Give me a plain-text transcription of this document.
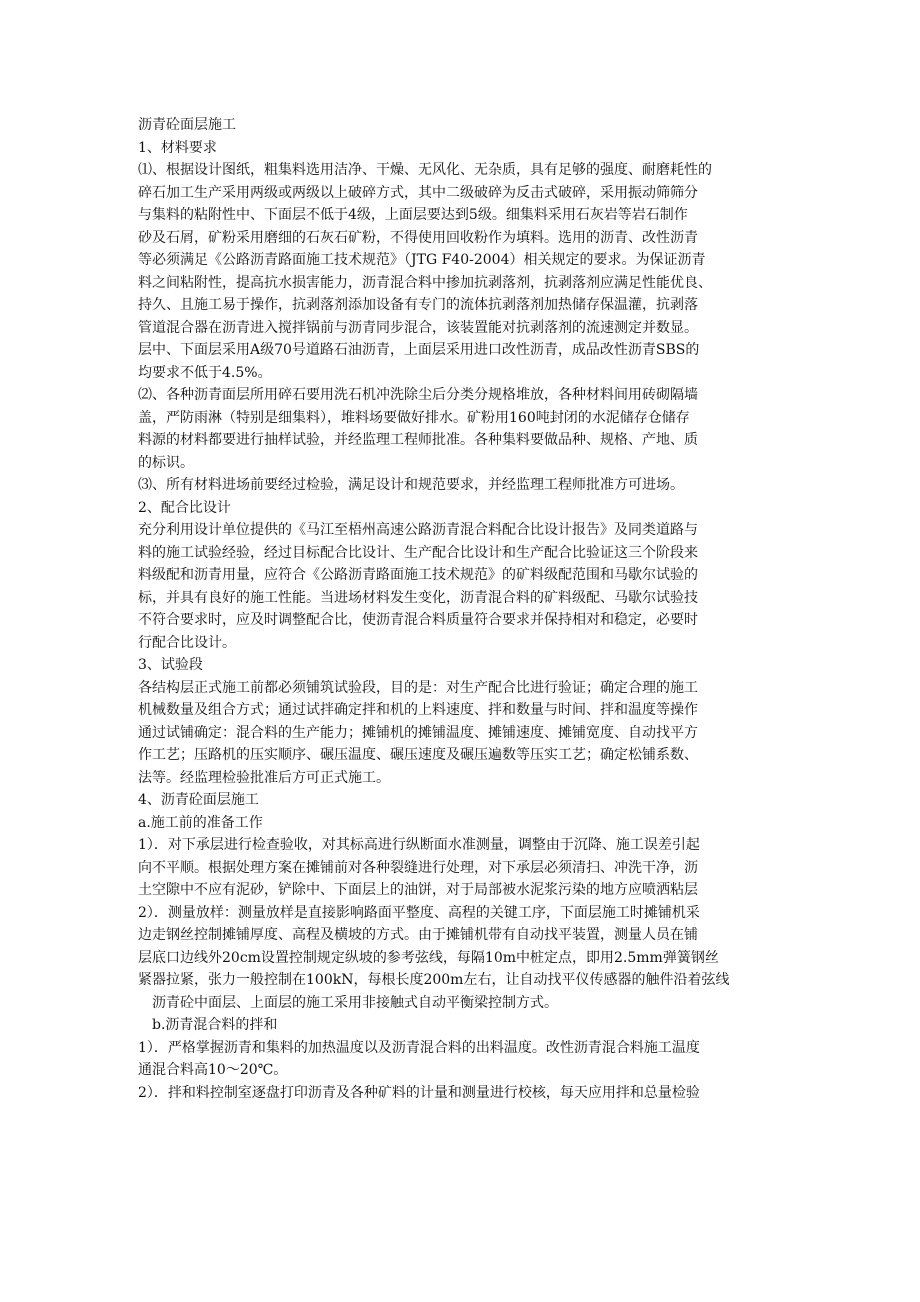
沥青砼面层施工
1、材料要求
⑴、根据设计图纸，粗集料选用洁净、干燥、无风化、无杂质，具有足够的强度、耐磨耗性的
碎石加工生产采用两级或两级以上破碎方式，其中二级破碎为反击式破碎，采用振动筛筛分
与集料的粘附性中、下面层不低于4级，上面层要达到5级。细集料采用石灰岩等岩石制作
砂及石屑，矿粉采用磨细的石灰石矿粉，不得使用回收粉作为填料。选用的沥青、改性沥青
等必须满足《公路沥青路面施工技术规范》（JTG F40-2004）相关规定的要求。为保证沥青
料之间粘附性，提高抗水损害能力，沥青混合料中掺加抗剥落剂，抗剥落剂应满足性能优良、
持久、且施工易于操作，抗剥落剂添加设备有专门的流体抗剥落剂加热储存保温灌，抗剥落
管道混合器在沥青进入搅拌锅前与沥青同步混合，该装置能对抗剥落剂的流速测定并数显。
层中、下面层采用A级70号道路石油沥青，上面层采用进口改性沥青，成品改性沥青SBS的
均要求不低于4.5%。
⑵、各种沥青面层所用碎石要用洗石机冲洗除尘后分类分规格堆放，各种材料间用砖砌隔墙
盖，严防雨淋（特别是细集料），堆料场要做好排水。矿粉用160吨封闭的水泥储存仓储存
料源的材料都要进行抽样试验，并经监理工程师批准。各种集料要做品种、规格、产地、质
的标识。
⑶、所有材料进场前要经过检验，满足设计和规范要求，并经监理工程师批准方可进场。
2、配合比设计
充分利用设计单位提供的《马江至梧州高速公路沥青混合料配合比设计报告》及同类道路与
料的施工试验经验，经过目标配合比设计、生产配合比设计和生产配合比验证这三个阶段来
料级配和沥青用量，应符合《公路沥青路面施工技术规范》的矿料级配范围和马歇尔试验的
标，并具有良好的施工性能。当进场材料发生变化，沥青混合料的矿料级配、马歇尔试验技
不符合要求时，应及时调整配合比，使沥青混合料质量符合要求并保持相对和稳定，必要时
行配合比设计。
3、试验段
各结构层正式施工前都必须铺筑试验段，目的是：对生产配合比进行验证；确定合理的施工
机械数量及组合方式；通过试拌确定拌和机的上料速度、拌和数量与时间、拌和温度等操作
通过试铺确定：混合料的生产能力；摊铺机的摊铺温度、摊铺速度、摊铺宽度、自动找平方
作工艺；压路机的压实顺序、碾压温度、碾压速度及碾压遍数等压实工艺；确定松铺系数、
法等。经监理检验批准后方可正式施工。
4、沥青砼面层施工
a.施工前的准备工作
1）．对下承层进行检查验收，对其标高进行纵断面水准测量，调整由于沉降、施工误差引起
向不平顺。根据处理方案在摊铺前对各种裂缝进行处理，对下承层必须清扫、冲洗干净，沥
土空隙中不应有泥砂，铲除中、下面层上的油饼，对于局部被水泥浆污染的地方应喷洒粘层
2）．测量放样：测量放样是直接影响路面平整度、高程的关键工序，下面层施工时摊铺机采
边走钢丝控制摊铺厚度、高程及横坡的方式。由于摊铺机带有自动找平装置，测量人员在铺
层底口边线外20cm设置控制规定纵坡的参考弦线，每隔10m中桩定点，即用2.5mm弹簧钢丝
紧器拉紧，张力一般控制在100kN，每根长度200m左右，让自动找平仪传感器的触件沿着弦线
沥青砼中面层、上面层的施工采用非接触式自动平衡梁控制方式。
b.沥青混合料的拌和
1）．严格掌握沥青和集料的加热温度以及沥青混合料的出料温度。改性沥青混合料施工温度
通混合料高10～20℃。
2）．拌和料控制室逐盘打印沥青及各种矿料的计量和测量进行校核，每天应用拌和总量检验
